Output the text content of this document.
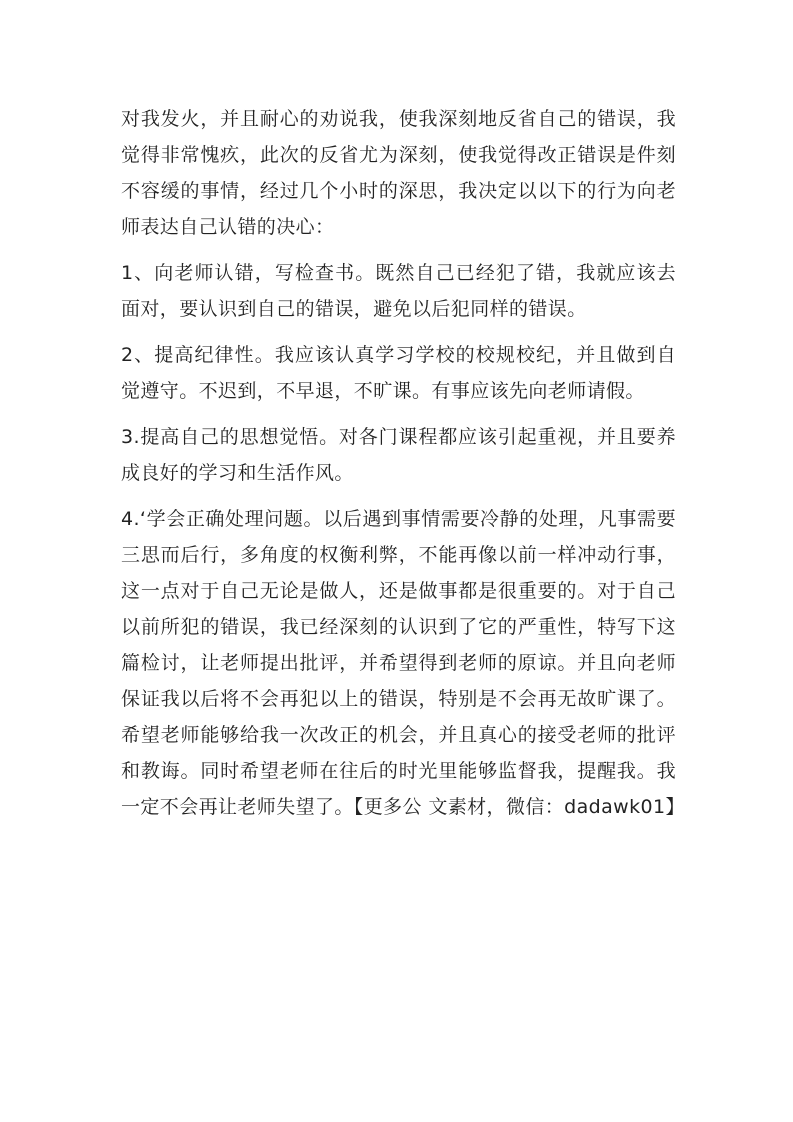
对我发火，并且耐心的劝说我，使我深刻地反省自己的错误，我觉得非常愧疚，此次的反省尤为深刻，使我觉得改正错误是件刻不容缓的事情，经过几个小时的深思，我决定以以下的行为向老师表达自己认错的决心：

1、向老师认错，写检查书。既然自己已经犯了错，我就应该去面对，要认识到自己的错误，避免以后犯同样的错误。

2、提高纪律性。我应该认真学习学校的校规校纪，并且做到自觉遵守。不迟到，不早退，不旷课。有事应该先向老师请假。

3.提高自己的思想觉悟。对各门课程都应该引起重视，并且要养成良好的学习和生活作风。

4.‘学会正确处理问题。以后遇到事情需要冷静的处理，凡事需要三思而后行，多角度的权衡利弊，不能再像以前一样冲动行事，这一点对于自己无论是做人，还是做事都是很重要的。对于自己以前所犯的错误，我已经深刻的认识到了它的严重性，特写下这篇检讨，让老师提出批评，并希望得到老师的原谅。并且向老师保证我以后将不会再犯以上的错误，特别是不会再无故旷课了。希望老师能够给我一次改正的机会，并且真心的接受老师的批评和教诲。同时希望老师在往后的时光里能够监督我，提醒我。我一定不会再让老师失望了。【更多公 文素材，微信：dadawk01】
